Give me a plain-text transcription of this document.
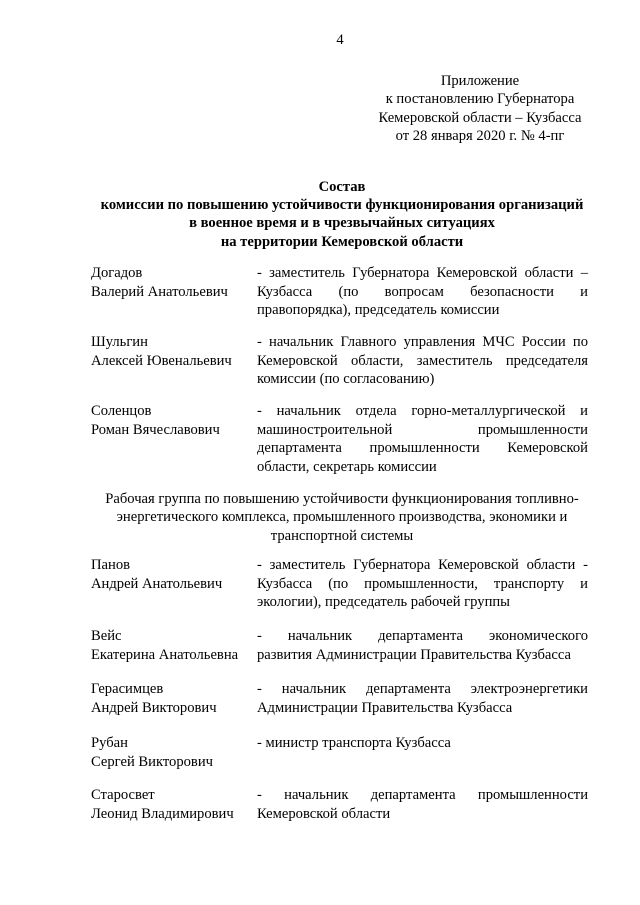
4
Приложение
к постановлению Губернатора
Кемеровской области – Кузбасса
от 28 января 2020 г. № 4-пг
Состав
комиссии по повышению устойчивости функционирования организаций
в военное время и в чрезвычайных ситуациях
на территории Кемеровской области
Догадов
Валерий Анатольевич
- заместитель Губернатора Кемеровской области –
Кузбасса (по вопросам безопасности и
правопорядка), председатель комиссии
Шульгин
Алексей Ювенальевич
- начальник Главного управления МЧС России по
Кемеровской области, заместитель председателя
комиссии (по согласованию)
Соленцов
Роман Вячеславович
- начальник отдела горно-металлургической и
машиностроительной промышленности
департамента промышленности Кемеровской
области, секретарь комиссии
Рабочая группа по повышению устойчивости функционирования топливно-
энергетического комплекса, промышленного производства, экономики и
транспортной системы
Панов
Андрей Анатольевич
- заместитель Губернатора Кемеровской области -
Кузбасса (по промышленности, транспорту и
экологии), председатель рабочей группы
Вейс
Екатерина Анатольевна
- начальник департамента экономического
развития Администрации Правительства Кузбасса
Герасимцев
Андрей Викторович
- начальник департамента электроэнергетики
Администрации Правительства Кузбасса
Рубан
Сергей Викторович
- министр транспорта Кузбасса
Старосвет
Леонид Владимирович
- начальник департамента промышленности
Кемеровской области
